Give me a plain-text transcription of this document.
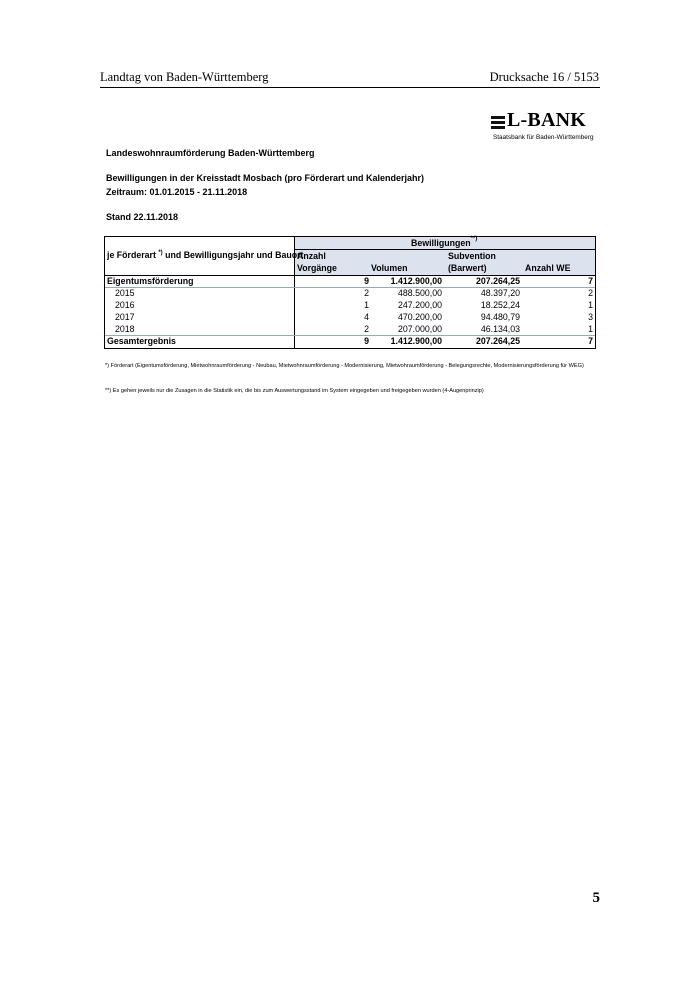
Landtag von Baden-Württemberg	Drucksache 16 / 5153
L-BANK
Staatsbank für Baden-Württemberg
Landeswohnraumförderung Baden-Württemberg
Bewilligungen in der Kreisstadt Mosbach (pro Förderart und Kalenderjahr)
Zeitraum: 01.01.2015 - 21.11.2018
Stand 22.11.2018
Bewilligungen**)
je Förderart *) und Bewilligungsjahr und Bauort
Anzahl
Vorgänge	Volumen
Subvention
(Barwert)	Anzahl WE
Eigentumsförderung	9	1.412.900,00	207.264,25	7
2015	2	488.500,00	48.397,20	2
2016	1	247.200,00	18.252,24	1
2017	4	470.200,00	94.480,79	3
2018	2	207.000,00	46.134,03	1
Gesamtergebnis	9	1.412.900,00	207.264,25	7
*) Förderart (Eigentumsförderung, Mietwohnraumförderung - Neubau, Mietwohnraumförderung - Modernisierung, Mietwohraumförderung - Belegungsrechte, Modernisierungsförderung für WEG)
**) Es gehen jeweils nur die Zusagen in die Statistik ein, die bis zum Auswertungsstand im System eingegeben und freigegeben wurden (4-Augenprinzip)
5
